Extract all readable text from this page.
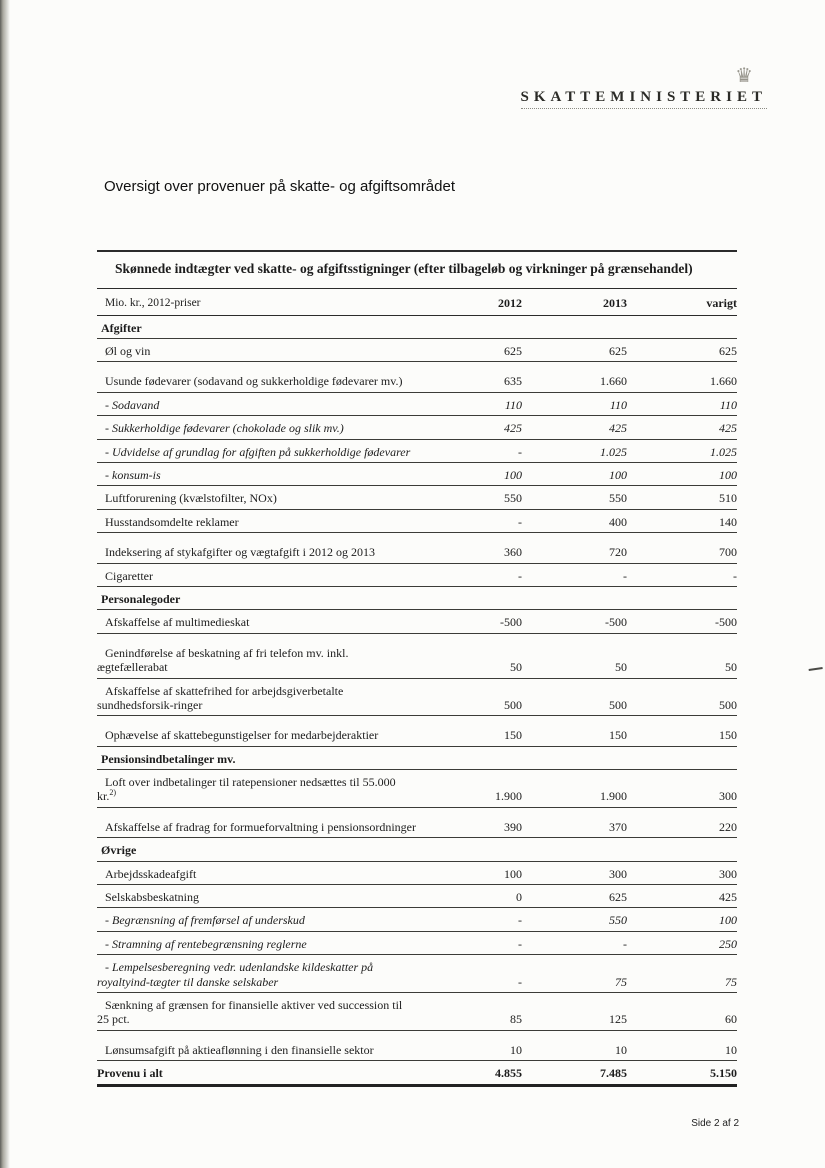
♛
SKATTEMINISTERIET
Oversigt over provenuer på skatte- og afgiftsområdet
Skønnede indtægter ved skatte- og afgiftsstigninger (efter tilbageløb og virkninger på grænsehandel)
Mio. kr., 2012-priser	2012	2013	varigt
Afgifter			
Øl og vin	625	625	625
Usunde fødevarer (sodavand og sukkerholdige fødevarer mv.)	635	1.660	1.660
- Sodavand	110	110	110
- Sukkerholdige fødevarer (chokolade og slik mv.)	425	425	425
- Udvidelse af grundlag for afgiften på sukkerholdige fødevarer	-	1.025	1.025
- konsum-is	100	100	100
Luftforurening (kvælstofilter, NOx)	550	550	510
Husstandsomdelte reklamer	-	400	140
Indeksering af stykafgifter og vægtafgift i 2012 og 2013	360	720	700
Cigaretter	-	-	-
Personalegoder			
Afskaffelse af multimedieskat	-500	-500	-500
Genindførelse af beskatning af fri telefon mv. inkl. ægtefællerabat	50	50	50
Afskaffelse af skattefrihed for arbejdsgiverbetalte sundhedsforsik-ringer	500	500	500
Ophævelse af skattebegunstigelser for medarbejderaktier	150	150	150
Pensionsindbetalinger mv.			
Loft over indbetalinger til ratepensioner nedsættes til 55.000 kr.$^{2)}$	1.900	1.900	300
Afskaffelse af fradrag for formueforvaltning i pensionsordninger	390	370	220
Øvrige			
Arbejdsskadeafgift	100	300	300
Selskabsbeskatning	0	625	425
- Begrænsning af fremførsel af underskud	-	550	100
- Stramning af rentebegrænsning reglerne	-	-	250
- Lempelsesberegning vedr. udenlandske kildeskatter på royaltyind-tægter til danske selskaber	-	75	75
Sænkning af grænsen for finansielle aktiver ved succession til 25 pct.	85	125	60
Lønsumsafgift på aktieaflønning i den finansielle sektor	10	10	10
Provenu i alt	4.855	7.485	5.150
Side 2 af 2
